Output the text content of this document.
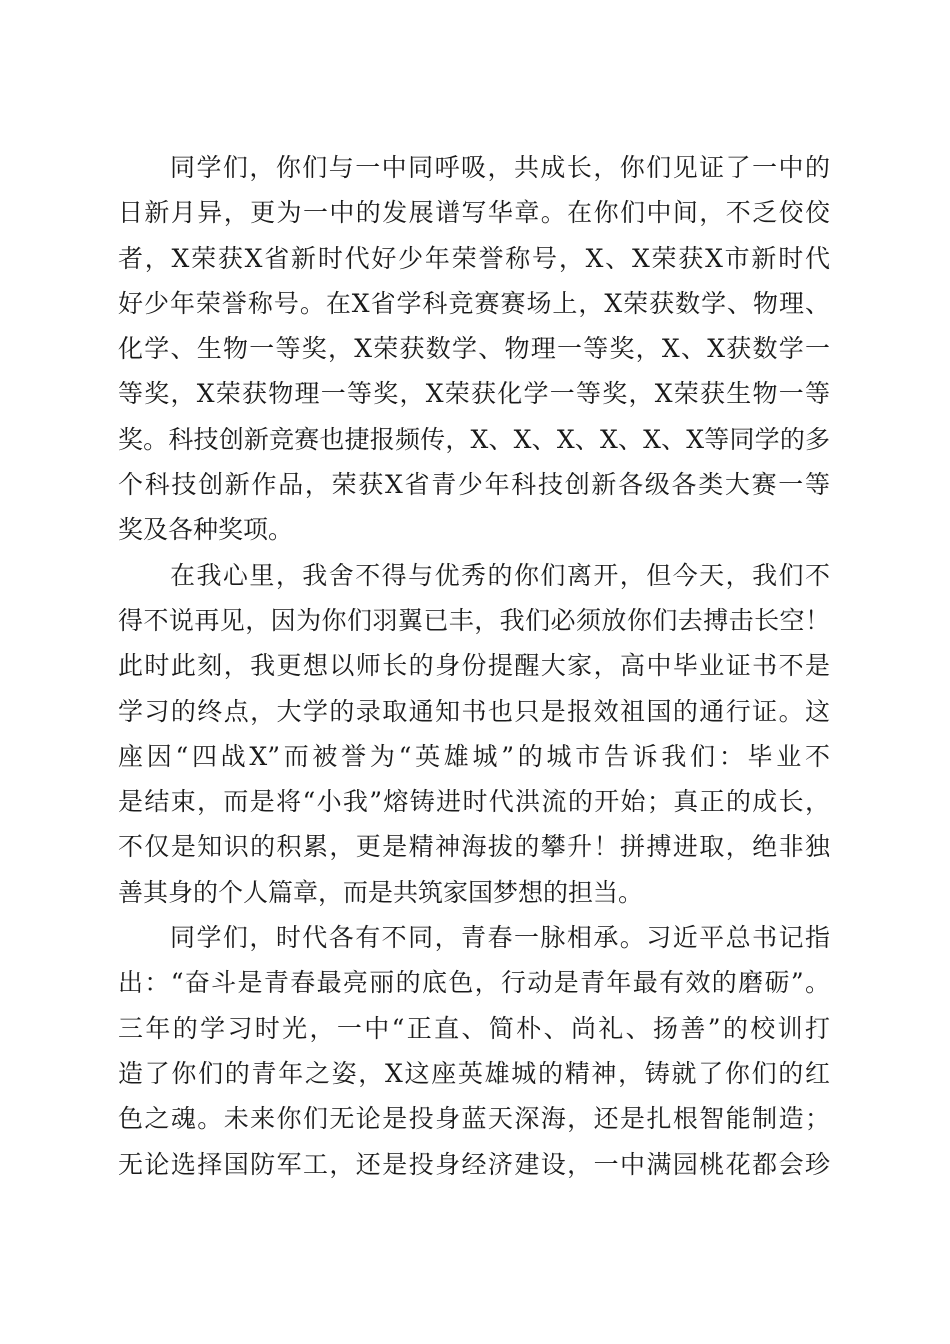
同学们，你们与一中同呼吸，共成长，你们见证了一中的
日新月异，更为一中的发展谱写华章。在你们中间，不乏佼佼
者，X荣获X省新时代好少年荣誉称号，X、X荣获X市新时代
好少年荣誉称号。在X省学科竞赛赛场上，X荣获数学、物理、
化学、生物一等奖，X荣获数学、物理一等奖，X、X获数学一
等奖，X荣获物理一等奖，X荣获化学一等奖，X荣获生物一等
奖。科技创新竞赛也捷报频传，X、X、X、X、X、X等同学的多
个科技创新作品，荣获X省青少年科技创新各级各类大赛一等
奖及各种奖项。
在我心里，我舍不得与优秀的你们离开，但今天，我们不
得不说再见，因为你们羽翼已丰，我们必须放你们去搏击长空！
此时此刻，我更想以师长的身份提醒大家，高中毕业证书不是
学习的终点，大学的录取通知书也只是报效祖国的通行证。这
座因“四战X”而被誉为“英雄城”的城市告诉我们：毕业不
是结束，而是将“小我”熔铸进时代洪流的开始；真正的成长，
不仅是知识的积累，更是精神海拔的攀升！拼搏进取，绝非独
善其身的个人篇章，而是共筑家国梦想的担当。
同学们，时代各有不同，青春一脉相承。习近平总书记指
出：“奋斗是青春最亮丽的底色，行动是青年最有效的磨砺”。
三年的学习时光，一中“正直、简朴、尚礼、扬善”的校训打
造了你们的青年之姿，X这座英雄城的精神，铸就了你们的红
色之魂。未来你们无论是投身蓝天深海，还是扎根智能制造；
无论选择国防军工，还是投身经济建设，一中满园桃花都会珍
